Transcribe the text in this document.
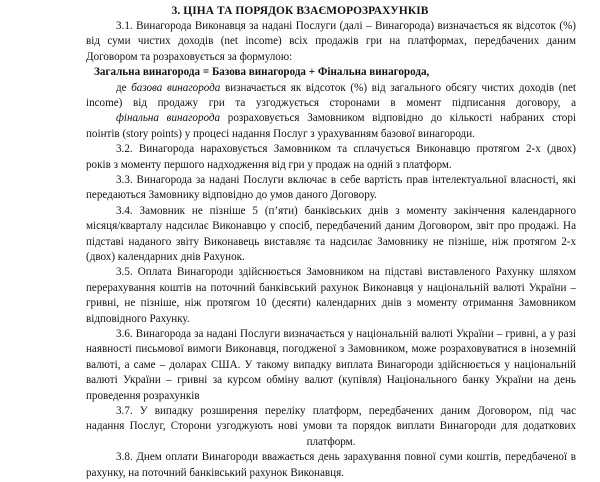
3. ЦІНА ТА ПОРЯДОК ВЗАЄМОРОЗРАХУНКІВ
3.1. Винагорода Виконавця за надані Послуги (далі – Винагорода) визначається як відсоток (%)
від суми чистих доходів (net income) всіх продажів гри на платформах, передбачених даним
Договором та розраховується за формулою:
Загальна винагорода = Базова винагорода + Фінальна винагорода,
де базова винагорода визначається як відсоток (%) від загального обсягу чистих доходів (net
income) від продажу гри та узгоджується сторонами в момент підписання договору, а
фінальна винагорода розраховується Замовником відповідно до кількості набраних сторі
поінтів (story points) у процесі надання Послуг з урахуванням базової винагороди.
3.2. Винагорода нараховується Замовником та сплачується Виконавцю протягом 2-х (двох)
років з моменту першого надходження від гри у продаж на одній з платформ.
3.3. Винагорода за надані Послуги включає в себе вартість прав інтелектуальної власності, які
передаються Замовнику відповідно до умов даного Договору.
3.4. Замовник не пізніше 5 (п’яти) банківських днів з моменту закінчення календарного
місяця/кварталу надсилає Виконавцю у спосіб, передбачений даним Договором, звіт про продажі. На
підставі наданого звіту Виконавець виставляє та надсилає Замовнику не пізніше, ніж протягом 2-х
(двох) календарних днів Рахунок.
3.5. Оплата Винагороди здійснюється Замовником на підставі виставленого Рахунку шляхом
перерахування коштів на поточний банківський рахунок Виконавця у національній валюті України –
гривні, не пізніше, ніж протягом 10 (десяти) календарних днів з моменту отримання Замовником
відповідного Рахунку.
3.6. Винагорода за надані Послуги визначається у національній валюті України – гривні, а у разі
наявності письмової вимоги Виконавця, погодженої з Замовником, може розраховуватися в іноземній
валюті, а саме – доларах США. У такому випадку виплата Винагороди здійснюється у національній
валюті України – гривні за курсом обміну валют (купівля) Національного банку України на день
проведення розрахунків
3.7. У випадку розширення переліку платформ, передбачених даним Договором, під час
надання Послуг, Сторони узгоджують нові умови та порядок виплати Винагороди для додаткових
платформ.
3.8. Днем оплати Винагороди вважається день зарахування повної суми коштів, передбаченої в
рахунку, на поточний банківський рахунок Виконавця.
